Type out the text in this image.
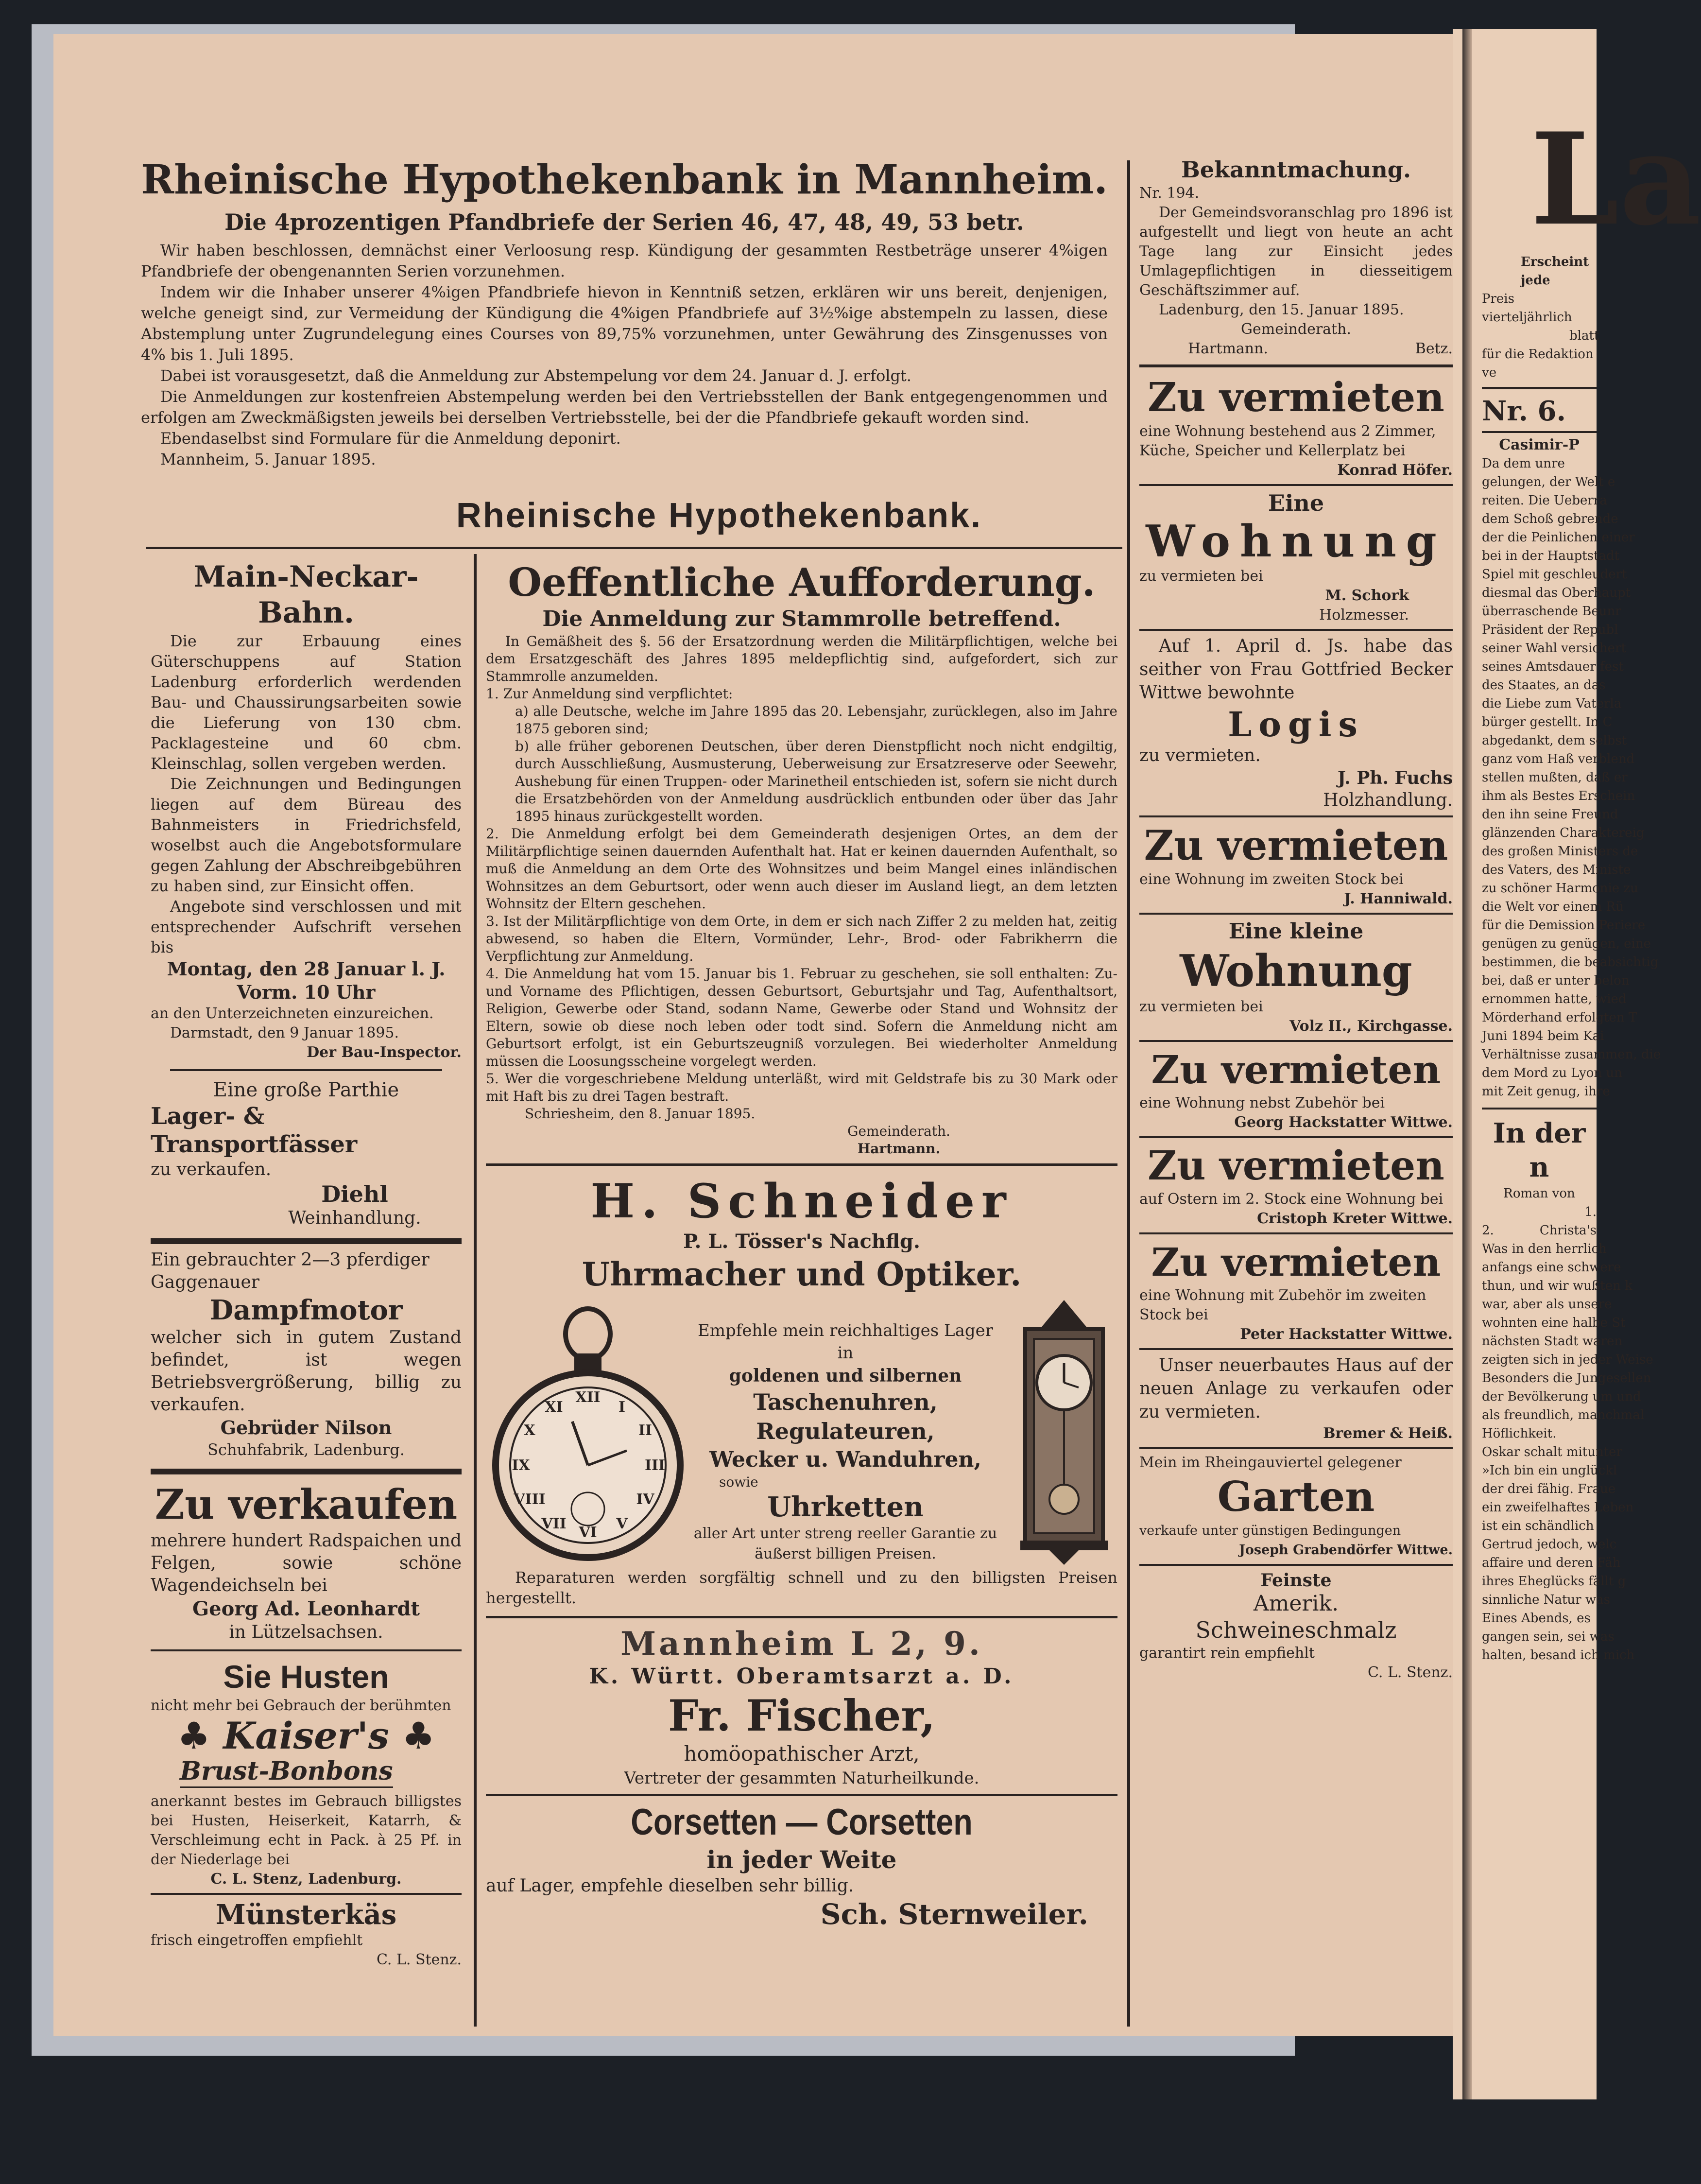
Rheinische Hypothekenbank in Mannheim.
Die 4prozentigen Pfandbriefe der Serien 46, 47, 48, 49, 53 betr.
Wir haben beschlossen, demnächst einer Verloosung resp. Kündigung der gesammten Restbeträge unserer 4%igen Pfandbriefe der obengenannten Serien vorzunehmen.
Indem wir die Inhaber unserer 4%igen Pfandbriefe hievon in Kenntniß setzen, erklären wir uns bereit, denjenigen, welche geneigt sind, zur Vermeidung der Kündigung die 4%igen Pfandbriefe auf 3½%ige abstempeln zu lassen, diese Abstemplung unter Zugrundelegung eines Courses von 89,75% vorzunehmen, unter Gewährung des Zinsgenusses von 4% bis 1. Juli 1895.
Dabei ist vorausgesetzt, daß die Anmeldung zur Abstempelung vor dem 24. Januar d. J. erfolgt.
Die Anmeldungen zur kostenfreien Abstempelung werden bei den Vertriebsstellen der Bank entgegengenommen und erfolgen am Zweckmäßigsten jeweils bei derselben Vertriebsstelle, bei der die Pfandbriefe gekauft worden sind.
Ebendaselbst sind Formulare für die Anmeldung deponirt.
Mannheim, 5. Januar 1895.
Rheinische Hypothekenbank.
Bekanntmachung.
Nr. 194.
Der Gemeindsvoranschlag pro 1896 ist aufgestellt und liegt von heute an acht Tage lang zur Einsicht jedes Umlagepflichtigen in diesseitigem Geschäftszimmer auf.
Ladenburg, den 15. Januar 1895.
Gemeinderath.
Hartmann.	Betz.
Zu vermieten
eine Wohnung bestehend aus 2 Zimmer, Küche, Speicher und Kellerplatz bei
Konrad Höfer.
Eine
Wohnung
zu vermieten bei
M. Schork
Holzmesser.
Auf 1. April d. Js. habe das seither von Frau Gottfried Becker Wittwe bewohnte
Logis
zu vermieten.
J. Ph. Fuchs
Holzhandlung.
Zu vermieten
eine Wohnung im zweiten Stock bei
J. Hanniwald.
Eine kleine
Wohnung
zu vermieten bei
Volz II., Kirchgasse.
Zu vermieten
eine Wohnung nebst Zubehör bei
Georg Hackstatter Wittwe.
Zu vermieten
auf Ostern im 2. Stock eine Wohnung bei
Cristoph Kreter Wittwe.
Zu vermieten
eine Wohnung mit Zubehör im zweiten Stock bei
Peter Hackstatter Wittwe.
Unser neuerbautes Haus auf der neuen Anlage zu verkaufen oder zu vermieten.
Bremer & Heiß.
Mein im Rheingauviertel gelegener
Garten
verkaufe unter günstigen Bedingungen
Joseph Grabendörfer Wittwe.
Feinste
Amerik.
Schweineschmalz
garantirt rein empfiehlt
C. L. Stenz.
Main-Neckar-Bahn.
Die zur Erbauung eines Güterschuppens auf Station Ladenburg erforderlich werdenden Bau- und Chaussirungsarbeiten sowie die Lieferung von 130 cbm. Packlagesteine und 60 cbm. Kleinschlag, sollen vergeben werden.
Die Zeichnungen und Bedingungen liegen auf dem Büreau des Bahnmeisters in Friedrichsfeld, woselbst auch die Angebotsformulare gegen Zahlung der Abschreibgebühren zu haben sind, zur Einsicht offen.
Angebote sind verschlossen und mit entsprechender Aufschrift versehen bis
Montag, den 28 Januar l. J.
Vorm. 10 Uhr
an den Unterzeichneten einzureichen.
Darmstadt, den 9 Januar 1895.
Der Bau-Inspector.
Eine große Parthie
Lager- & Transportfässer
zu verkaufen.
Diehl
Weinhandlung.
Ein gebrauchter 2—3 pferdiger Gaggenauer
Dampfmotor
welcher sich in gutem Zustand befindet, ist wegen Betriebsvergrößerung, billig zu verkaufen.
Gebrüder Nilson
Schuhfabrik, Ladenburg.
Zu verkaufen
mehrere hundert Radspaichen und Felgen, sowie schöne Wagendeichseln bei
Georg Ad. Leonhardt
in Lützelsachsen.
Sie Husten
nicht mehr bei Gebrauch der berühmten
♣ Kaiser's ♣
Brust-Bonbons
anerkannt bestes im Gebrauch billigstes bei Husten, Heiserkeit, Katarrh, & Verschleimung echt in Pack. à 25 Pf. in der Niederlage bei
C. L. Stenz, Ladenburg.
Münsterkäs
frisch eingetroffen empfiehlt
C. L. Stenz.
Oeffentliche Aufforderung.
Die Anmeldung zur Stammrolle betreffend.
In Gemäßheit des §. 56 der Ersatzordnung werden die Militärpflichtigen, welche bei dem Ersatzgeschäft des Jahres 1895 meldepflichtig sind, aufgefordert, sich zur Stammrolle anzumelden.
1. Zur Anmeldung sind verpflichtet:
a) alle Deutsche, welche im Jahre 1895 das 20. Lebensjahr, zurücklegen, also im Jahre 1875 geboren sind;
b) alle früher geborenen Deutschen, über deren Dienstpflicht noch nicht endgiltig, durch Ausschließung, Ausmusterung, Ueberweisung zur Ersatzreserve oder Seewehr, Aushebung für einen Truppen- oder Marinetheil entschieden ist, sofern sie nicht durch die Ersatzbehörden von der Anmeldung ausdrücklich entbunden oder über das Jahr 1895 hinaus zurückgestellt worden.
2. Die Anmeldung erfolgt bei dem Gemeinderath desjenigen Ortes, an dem der Militärpflichtige seinen dauernden Aufenthalt hat. Hat er keinen dauernden Aufenthalt, so muß die Anmeldung an dem Orte des Wohnsitzes und beim Mangel eines inländischen Wohnsitzes an dem Geburtsort, oder wenn auch dieser im Ausland liegt, an dem letzten Wohnsitz der Eltern geschehen.
3. Ist der Militärpflichtige von dem Orte, in dem er sich nach Ziffer 2 zu melden hat, zeitig abwesend, so haben die Eltern, Vormünder, Lehr-, Brod- oder Fabrikherrn die Verpflichtung zur Anmeldung.
4. Die Anmeldung hat vom 15. Januar bis 1. Februar zu geschehen, sie soll enthalten: Zu- und Vorname des Pflichtigen, dessen Geburtsort, Geburtsjahr und Tag, Aufenthaltsort, Religion, Gewerbe oder Stand, sodann Name, Gewerbe oder Stand und Wohnsitz der Eltern, sowie ob diese noch leben oder todt sind. Sofern die Anmeldung nicht am Geburtsort erfolgt, ist ein Geburtszeugniß vorzulegen. Bei wiederholter Anmeldung müssen die Loosungsscheine vorgelegt werden.
5. Wer die vorgeschriebene Meldung unterläßt, wird mit Geldstrafe bis zu 30 Mark oder mit Haft bis zu drei Tagen bestraft.
Schriesheim, den 8. Januar 1895.
Gemeinderath.
Hartmann.
H. Schneider
P. L. Tösser's Nachflg.
Uhrmacher und Optiker.
XII
I
II
III
IV
V
VI
VII
VIII
IX
X
XI
Empfehle mein reichhaltiges Lager in
goldenen und silbernen
Taschenuhren, Regulateuren,
Wecker u. Wanduhren,
sowie
Uhrketten
aller Art unter streng reeller Garantie zu äußerst billigen Preisen.
Reparaturen werden sorgfältig schnell und zu den billigsten Preisen hergestellt.
Mannheim L 2, 9.
K. Württ. Oberamtsarzt a. D.
Fr. Fischer,
homöopathischer Arzt,
Vertreter der gesammten Naturheilkunde.
Corsetten — Corsetten
in jeder Weite
auf Lager, empfehle dieselben sehr billig.
Sch. Sternweiler.
La
Erscheint jede
Preis vierteljährlich
blatt
für die Redaktion ve
Nr. 6.
Casimir-P
Da dem unre
gelungen, der Welt e
reiten. Die Ueberra
dem Schoß gebrende
der die Peinlichen einer
bei in der Hauptstadt
Spiel mit geschleudert
diesmal das Oberhaupt
überraschende Beunr
Präsident der Republ
seiner Wahl versichert
seines Amtsdauer fest
des Staates, an das
die Liebe zum Vaterla
bürger gestellt. In C
abgedankt, dem selbst
ganz vom Haß verblend
stellen mußten, daß er
ihm als Bestes Erschein
den ihn seine Freund
glänzenden Charaktereig
des großen Ministers de
des Vaters, des Ministe
zu schöner Harmonie zu
die Welt vor einem Rü
für die Demission Periere
genügen zu genügen, eine
bestimmen, die beabsichtig
bei, daß er unter belon
ernommen hatte, wied
Mörderhand erfolgten T
Juni 1894 beim Kai
Verhältnisse zusammen, die
dem Mord zu Lyon un
mit Zeit genug, ihre
In der n
Roman von
1.
2.	Christa's
Was in den herrlich
anfangs eine schwere
thun, und wir wußten k
war, aber als unsere
wohnten eine halbe St
nächsten Stadt waren
zeigten sich in jeder Weise
Besonders die Jungesellen
der Bevölkerung um und
als freundlich, manchmal
Höflichkeit.
Oskar schalt mitunter
»Ich bin ein unglückl
der drei fähig. Fraue
ein zweifelhaftes Leben
ist ein schändlich
Gertrud jedoch, welc
affaire und deren Fäh
ihres Eheglücks fällt g
sinnliche Natur was
Eines Abends, es
gangen sein, sei was
halten, besand ich mich
